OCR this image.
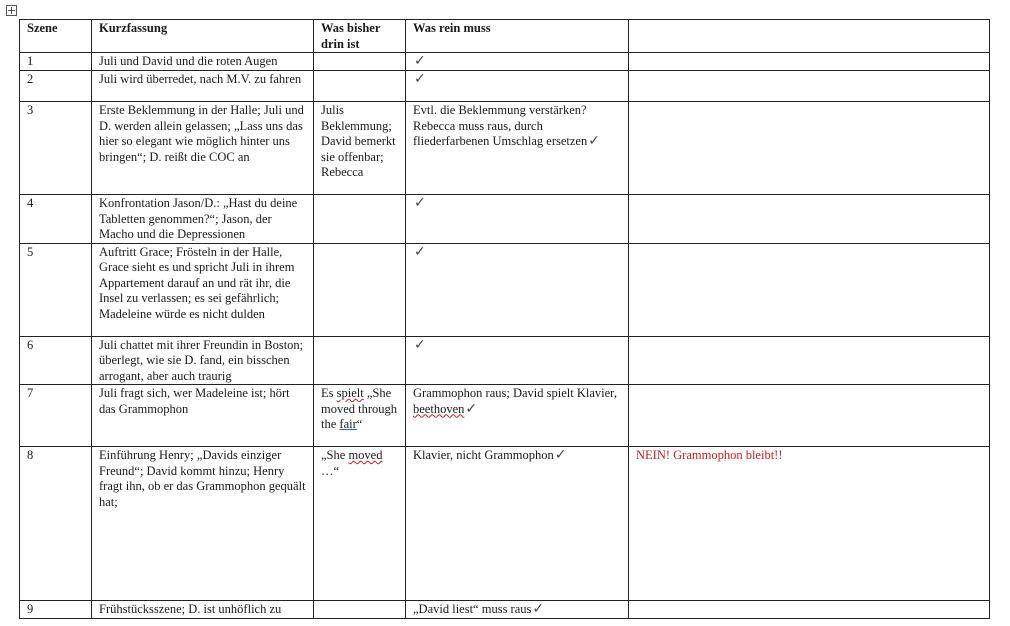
Szene	Kurzfassung	Was bisher drin ist	Was rein muss	
1	Juli und David und die roten Augen		✓	
2	Juli wird überredet, nach M.V. zu fahren		✓	
3	Erste Beklemmung in der Halle; Juli und D. werden allein gelassen; „Lass uns das hier so elegant wie möglich hinter uns bringen“; D. reißt die COC an	Julis Beklemmung; David bemerkt sie offenbar; Rebecca	Evtl. die Beklemmung verstärken? Rebecca muss raus, durch fliederfarbenen Umschlag ersetzen✓	
4	Konfrontation Jason/D.: „Hast du deine Tabletten genommen?“; Jason, der Macho und die Depressionen		✓	
5	Auftritt Grace; Frösteln in der Halle, Grace sieht es und spricht Juli in ihrem Appartement darauf an und rät ihr, die Insel zu verlassen; es sei gefährlich; Madeleine würde es nicht dulden		✓	
6	Juli chattet mit ihrer Freundin in Boston; überlegt, wie sie D. fand, ein bisschen arrogant, aber auch traurig		✓	
7	Juli fragt sich, wer Madeleine ist; hört das Grammophon	Es spielt „She moved through the fair“	Grammophon raus; David spielt Klavier, beethoven✓	
8	Einführung Henry; „Davids einziger Freund“; David kommt hinzu; Henry fragt ihn, ob er das Grammophon gequält hat;	„She moved …“	Klavier, nicht Grammophon✓	NEIN! Grammophon bleibt!!
9	Frühstücksszene; D. ist unhöflich zu		„David liest“ muss raus✓	
